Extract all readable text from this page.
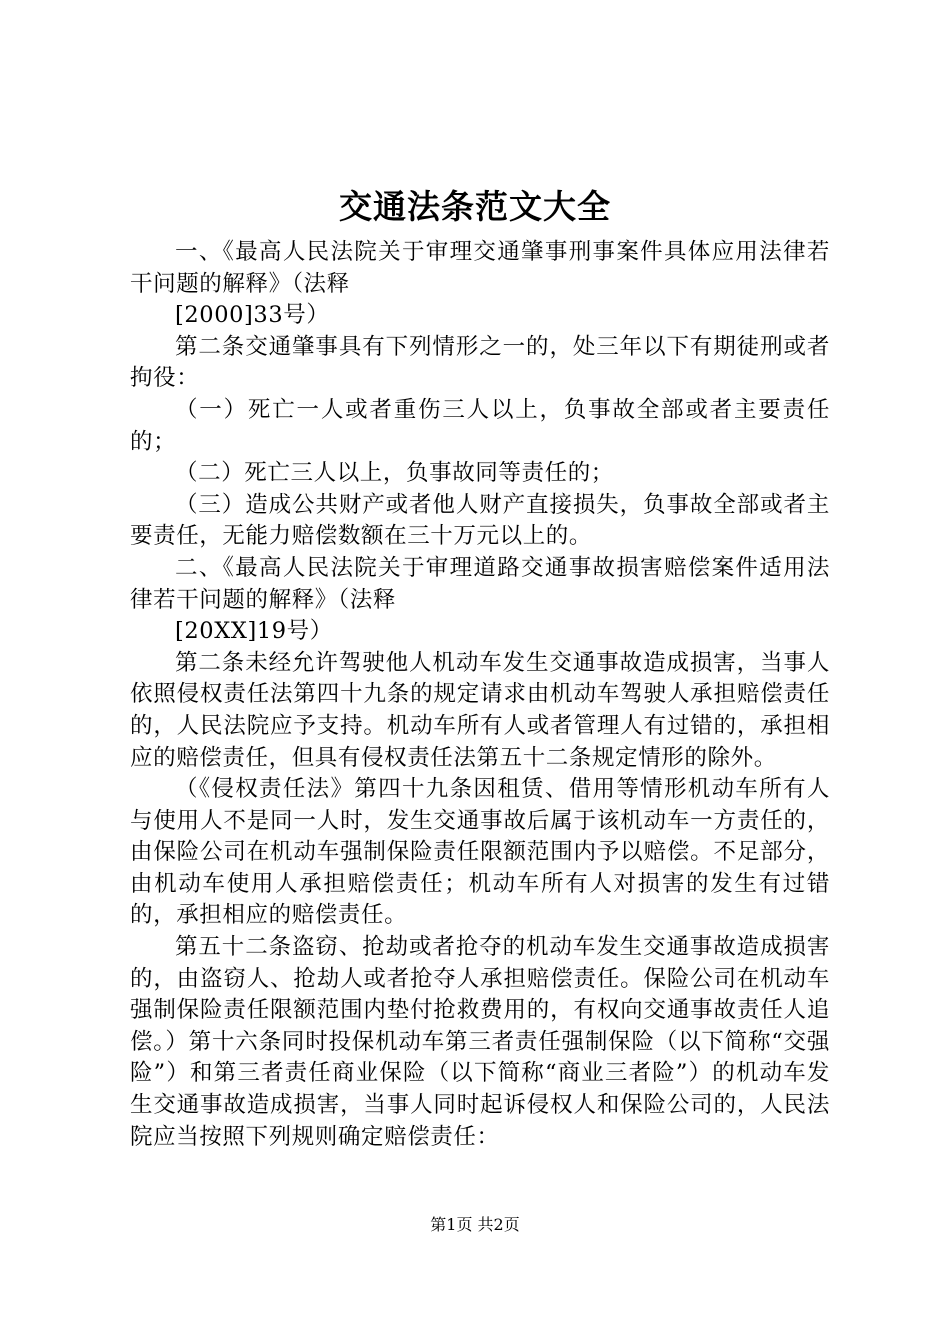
交通法条范文大全

一、《最高人民法院关于审理交通肇事刑事案件具体应用法律若干问题的解释》（法释

[2000]33号）

第二条交通肇事具有下列情形之一的，处三年以下有期徒刑或者拘役：

（一）死亡一人或者重伤三人以上，负事故全部或者主要责任的；

（二）死亡三人以上，负事故同等责任的；

（三）造成公共财产或者他人财产直接损失，负事故全部或者主要责任，无能力赔偿数额在三十万元以上的。

二、《最高人民法院关于审理道路交通事故损害赔偿案件适用法律若干问题的解释》（法释

[20XX]19号）

第二条未经允许驾驶他人机动车发生交通事故造成损害，当事人依照侵权责任法第四十九条的规定请求由机动车驾驶人承担赔偿责任的，人民法院应予支持。机动车所有人或者管理人有过错的，承担相应的赔偿责任，但具有侵权责任法第五十二条规定情形的除外。

（《侵权责任法》第四十九条因租赁、借用等情形机动车所有人与使用人不是同一人时，发生交通事故后属于该机动车一方责任的，由保险公司在机动车强制保险责任限额范围内予以赔偿。不足部分，由机动车使用人承担赔偿责任；机动车所有人对损害的发生有过错的，承担相应的赔偿责任。

第五十二条盗窃、抢劫或者抢夺的机动车发生交通事故造成损害的，由盗窃人、抢劫人或者抢夺人承担赔偿责任。保险公司在机动车强制保险责任限额范围内垫付抢救费用的，有权向交通事故责任人追偿。）第十六条同时投保机动车第三者责任强制保险（以下简称“交强险”）和第三者责任商业保险（以下简称“商业三者险”）的机动车发生交通事故造成损害，当事人同时起诉侵权人和保险公司的，人民法院应当按照下列规则确定赔偿责任：

第1页 共2页
